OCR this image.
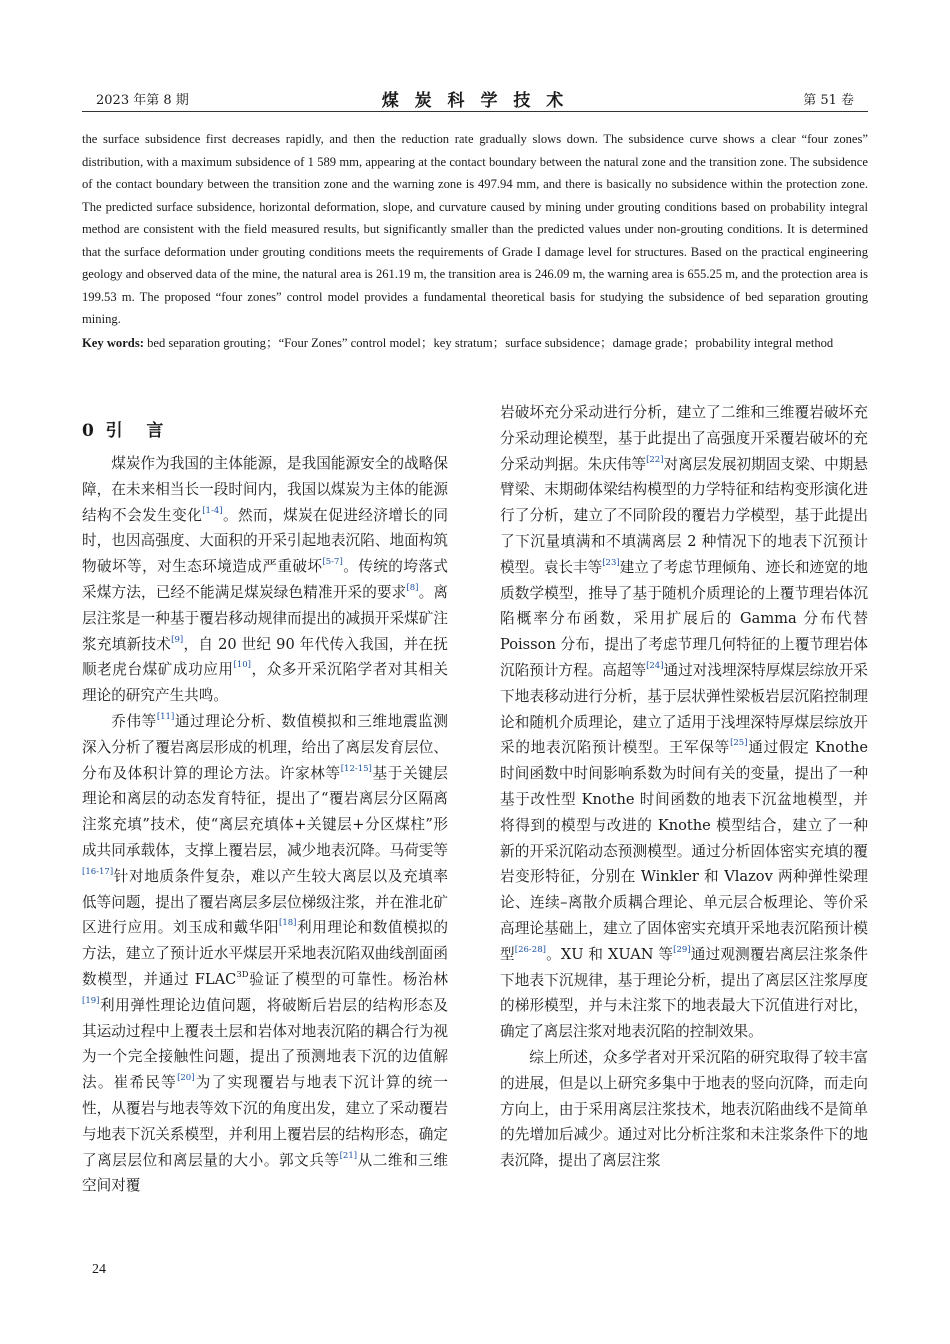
2023 年第 8 期	煤 炭 科 学 技 术	第 51 卷
the surface subsidence first decreases rapidly, and then the reduction rate gradually slows down. The subsidence curve shows a clear “four zones” distribution, with a maximum subsidence of 1 589 mm, appearing at the contact boundary between the natural zone and the transition zone. The subsidence of the contact boundary between the transition zone and the warning zone is 497.94 mm, and there is basically no subsidence within the protection zone. The predicted surface subsidence, horizontal deformation, slope, and curvature caused by mining under grouting conditions based on probability integral method are consistent with the field measured results, but significantly smaller than the predicted values under non-grouting conditions. It is determined that the surface deformation under grouting conditions meets the requirements of Grade I damage level for structures. Based on the practical engineering geology and observed data of the mine, the natural area is 261.19 m, the transition area is 246.09 m, the warning area is 655.25 m, and the protection area is 199.53 m. The proposed “four zones” control model provides a fundamental theoretical basis for studying the subsidence of bed separation grouting mining.
Key words: bed separation grouting；“Four Zones” control model；key stratum；surface subsidence；damage grade；probability integral method
0  引    言

煤炭作为我国的主体能源，是我国能源安全的战略保障，在未来相当长一段时间内，我国以煤炭为主体的能源结构不会发生变化[1-4]。然而，煤炭在促进经济增长的同时，也因高强度、大面积的开采引起地表沉陷、地面构筑物破坏等，对生态环境造成严重破坏[5-7]。传统的垮落式采煤方法，已经不能满足煤炭绿色精准开采的要求[8]。离层注浆是一种基于覆岩移动规律而提出的减损开采煤矿注浆充填新技术[9]，自 20 世纪 90 年代传入我国，并在抚顺老虎台煤矿成功应用[10]，众多开采沉陷学者对其相关理论的研究产生共鸣。

乔伟等[11]通过理论分析、数值模拟和三维地震监测深入分析了覆岩离层形成的机理，给出了离层发育层位、分布及体积计算的理论方法。许家林等[12-15]基于关键层理论和离层的动态发育特征，提出了“覆岩离层分区隔离注浆充填”技术，使“离层充填体+关键层+分区煤柱”形成共同承载体，支撑上覆岩层，减少地表沉降。马荷雯等[16-17]针对地质条件复杂，难以产生较大离层以及充填率低等问题，提出了覆岩离层多层位梯级注浆，并在淮北矿区进行应用。刘玉成和戴华阳[18]利用理论和数值模拟的方法，建立了预计近水平煤层开采地表沉陷双曲线剖面函数模型，并通过 $FLAC^{3D}$验证了模型的可靠性。杨治林[19]利用弹性理论边值问题，将破断后岩层的结构形态及其运动过程中上覆表土层和岩体对地表沉陷的耦合行为视为一个完全接触性问题，提出了预测地表下沉的边值解法。崔希民等[20]为了实现覆岩与地表下沉计算的统一性，从覆岩与地表等效下沉的角度出发，建立了采动覆岩与地表下沉关系模型，并利用上覆岩层的结构形态，确定了离层层位和离层量的大小。郭文兵等[21]从二维和三维空间对覆

岩破坏充分采动进行分析，建立了二维和三维覆岩破坏充分采动理论模型，基于此提出了高强度开采覆岩破坏的充分采动判据。朱庆伟等[22]对离层发展初期固支梁、中期悬臂梁、末期砌体梁结构模型的力学特征和结构变形演化进行了分析，建立了不同阶段的覆岩力学模型，基于此提出了下沉量填满和不填满离层 2 种情况下的地表下沉预计模型。袁长丰等[23]建立了考虑节理倾角、迹长和迹宽的地质数学模型，推导了基于随机介质理论的上覆节理岩体沉陷概率分布函数，采用扩展后的 Gamma 分布代替 Poisson 分布，提出了考虑节理几何特征的上覆节理岩体沉陷预计方程。高超等[24]通过对浅埋深特厚煤层综放开采下地表移动进行分析，基于层状弹性梁板岩层沉陷控制理论和随机介质理论，建立了适用于浅埋深特厚煤层综放开采的地表沉陷预计模型。王军保等[25]通过假定 Knothe 时间函数中时间影响系数为时间有关的变量，提出了一种基于改性型 Knothe 时间函数的地表下沉盆地模型，并将得到的模型与改进的 Knothe 模型结合，建立了一种新的开采沉陷动态预测模型。通过分析固体密实充填的覆岩变形特征，分别在 Winkler 和 Vlazov 两种弹性梁理论、连续–离散介质耦合理论、单元层合板理论、等价采高理论基础上，建立了固体密实充填开采地表沉陷预计模型[26-28]。XU 和 XUAN 等[29]通过观测覆岩离层注浆条件下地表下沉规律，基于理论分析，提出了离层区注浆厚度的梯形模型，并与未注浆下的地表最大下沉值进行对比，确定了离层注浆对地表沉陷的控制效果。

综上所述，众多学者对开采沉陷的研究取得了较丰富的进展，但是以上研究多集中于地表的竖向沉降，而走向方向上，由于采用离层注浆技术，地表沉陷曲线不是简单的先增加后减少。通过对比分析注浆和未注浆条件下的地表沉降，提出了离层注浆

24
